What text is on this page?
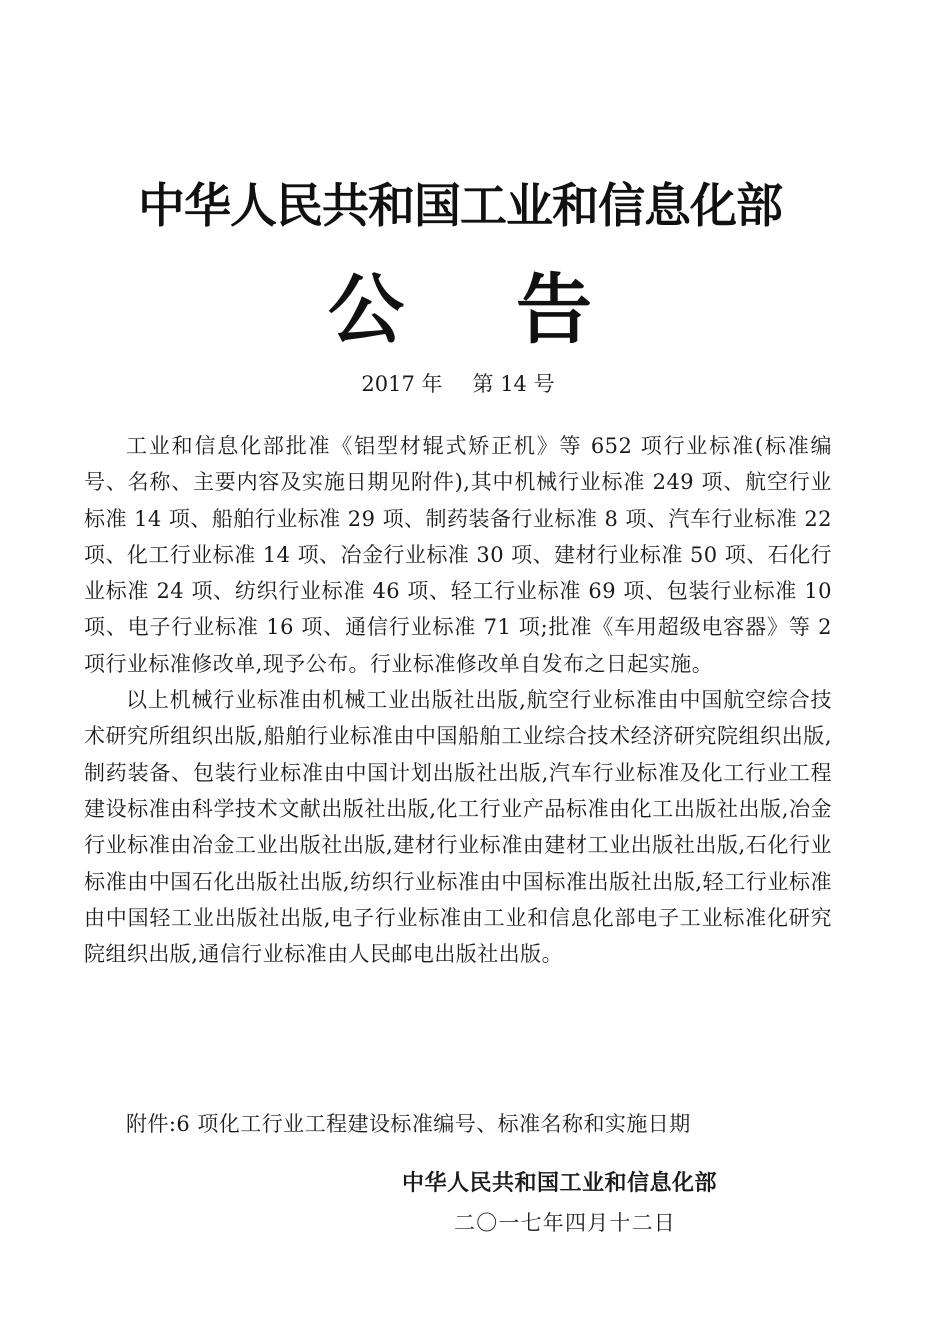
中华人民共和国工业和信息化部
公 告
2017 年 第 14 号

工业和信息化部批准《铝型材辊式矫正机》等 652 项行业标准(标准编号、名称、主要内容及实施日期见附件),其中机械行业标准 249 项、航空行业标准 14 项、船舶行业标准 29 项、制药装备行业标准 8 项、汽车行业标准 22 项、化工行业标准 14 项、冶金行业标准 30 项、建材行业标准 50 项、石化行业标准 24 项、纺织行业标准 46 项、轻工行业标准 69 项、包装行业标准 10 项、电子行业标准 16 项、通信行业标准 71 项;批准《车用超级电容器》等 2 项行业标准修改单,现予公布。行业标准修改单自发布之日起实施。

以上机械行业标准由机械工业出版社出版,航空行业标准由中国航空综合技术研究所组织出版,船舶行业标准由中国船舶工业综合技术经济研究院组织出版,制药装备、包装行业标准由中国计划出版社出版,汽车行业标准及化工行业工程建设标准由科学技术文献出版社出版,化工行业产品标准由化工出版社出版,冶金行业标准由冶金工业出版社出版,建材行业标准由建材工业出版社出版,石化行业标准由中国石化出版社出版,纺织行业标准由中国标准出版社出版,轻工行业标准由中国轻工业出版社出版,电子行业标准由工业和信息化部电子工业标准化研究院组织出版,通信行业标准由人民邮电出版社出版。

附件:6 项化工行业工程建设标准编号、标准名称和实施日期
中华人民共和国工业和信息化部
二〇一七年四月十二日
